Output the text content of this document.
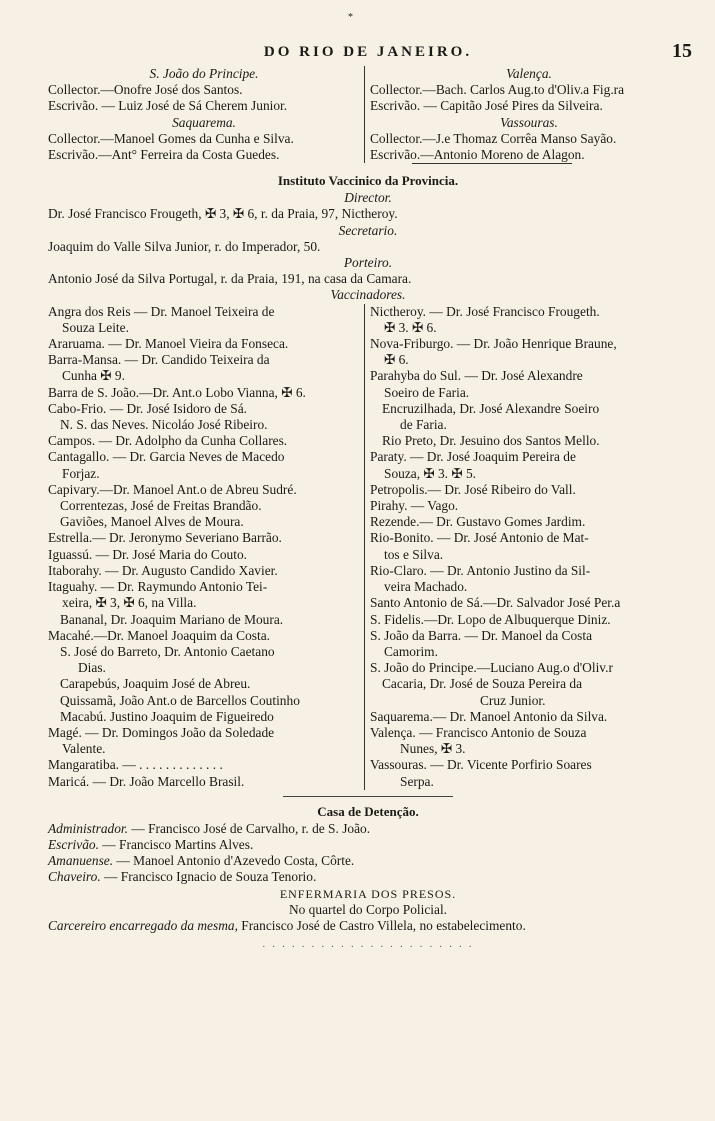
*
DO RIO DE JANEIRO.	15
S. João do Principe.
Collector.—Onofre José dos Santos.
Escrivão. — Luiz José de Sá Cherem Junior.
Saquarema.
Collector.—Manoel Gomes da Cunha e Silva.
Escrivão.—Ant° Ferreira da Costa Guedes.
Valença.
Collector.—Bach. Carlos Aug.to d'Oliv.a Fig.ra
Escrivão. — Capitão José Pires da Silveira.
Vassouras.
Collector.—J.e Thomaz Corrêa Manso Sayão.
Escrivão.—Antonio Moreno de Alagon.
Instituto Vaccinico da Provincia.
Director.
Dr. José Francisco Frougeth, ✠ 3, ✠ 6, r. da Praia, 97, Nictheroy.
Secretario.
Joaquim do Valle Silva Junior, r. do Imperador, 50.
Porteiro.
Antonio José da Silva Portugal, r. da Praia, 191, na casa da Camara.
Vaccinadores.
Angra dos Reis — Dr. Manoel Teixeira de
Souza Leite.
Araruama. — Dr. Manoel Vieira da Fonseca.
Barra-Mansa. — Dr. Candido Teixeira da
Cunha ✠ 9.
Barra de S. João.—Dr. Ant.o Lobo Vianna, ✠ 6.
Cabo-Frio. — Dr. José Isidoro de Sá.
N. S. das Neves. Nicoláo José Ribeiro.
Campos. — Dr. Adolpho da Cunha Collares.
Cantagallo. — Dr. Garcia Neves de Macedo
Forjaz.
Capivary.—Dr. Manoel Ant.o de Abreu Sudré.
Correntezas, José de Freitas Brandão.
Gaviões, Manoel Alves de Moura.
Estrella.— Dr. Jeronymo Severiano Barrão.
Iguassú. — Dr. José Maria do Couto.
Itaborahy. — Dr. Augusto Candido Xavier.
Itaguahy. — Dr. Raymundo Antonio Tei-
xeira, ✠ 3, ✠ 6, na Villa.
Bananal, Dr. Joaquim Mariano de Moura.
Macahé.—Dr. Manoel Joaquim da Costa.
S. José do Barreto, Dr. Antonio Caetano
Dias.
Carapebús, Joaquim José de Abreu.
Quissamã, João Ant.o de Barcellos Coutinho
Macabú. Justino Joaquim de Figueiredo
Magé. — Dr. Domingos João da Soledade
Valente.
Mangaratiba. — . . . . . . . . . . . . .
Maricá. — Dr. João Marcello Brasil.
Nictheroy. — Dr. José Francisco Frougeth.
✠ 3. ✠ 6.
Nova-Friburgo. — Dr. João Henrique Braune,
✠ 6.
Parahyba do Sul. — Dr. José Alexandre
Soeiro de Faria.
Encruzilhada, Dr. José Alexandre Soeiro
de Faria.
Rio Preto, Dr. Jesuino dos Santos Mello.
Paraty. — Dr. José Joaquim Pereira de
Souza, ✠ 3. ✠ 5.
Petropolis.— Dr. José Ribeiro do Vall.
Pirahy. — Vago.
Rezende.— Dr. Gustavo Gomes Jardim.
Rio-Bonito. — Dr. José Antonio de Mat-
tos e Silva.
Rio-Claro. — Dr. Antonio Justino da Sil-
veira Machado.
Santo Antonio de Sá.—Dr. Salvador José Per.a
S. Fidelis.—Dr. Lopo de Albuquerque Diniz.
S. João da Barra. — Dr. Manoel da Costa
Camorim.
S. João do Principe.—Luciano Aug.o d'Oliv.r
Cacaria, Dr. José de Souza Pereira da
Cruz Junior.
Saquarema.— Dr. Manoel Antonio da Silva.
Valença. — Francisco Antonio de Souza
Nunes, ✠ 3.
Vassouras. — Dr. Vicente Porfirio Soares
Serpa.
Casa de Detenção.
Administrador. — Francisco José de Carvalho, r. de S. João.
Escrivão. — Francisco Martins Alves.
Amanuense. — Manoel Antonio d'Azevedo Costa, Côrte.
Chaveiro. — Francisco Ignacio de Souza Tenorio.
ENFERMARIA DOS PRESOS.
No quartel do Corpo Policial.
Carcereiro encarregado da mesma, Francisco José de Castro Villela, no estabelecimento.
· · · · · · · · · · · · · · · · · · · · · ·
